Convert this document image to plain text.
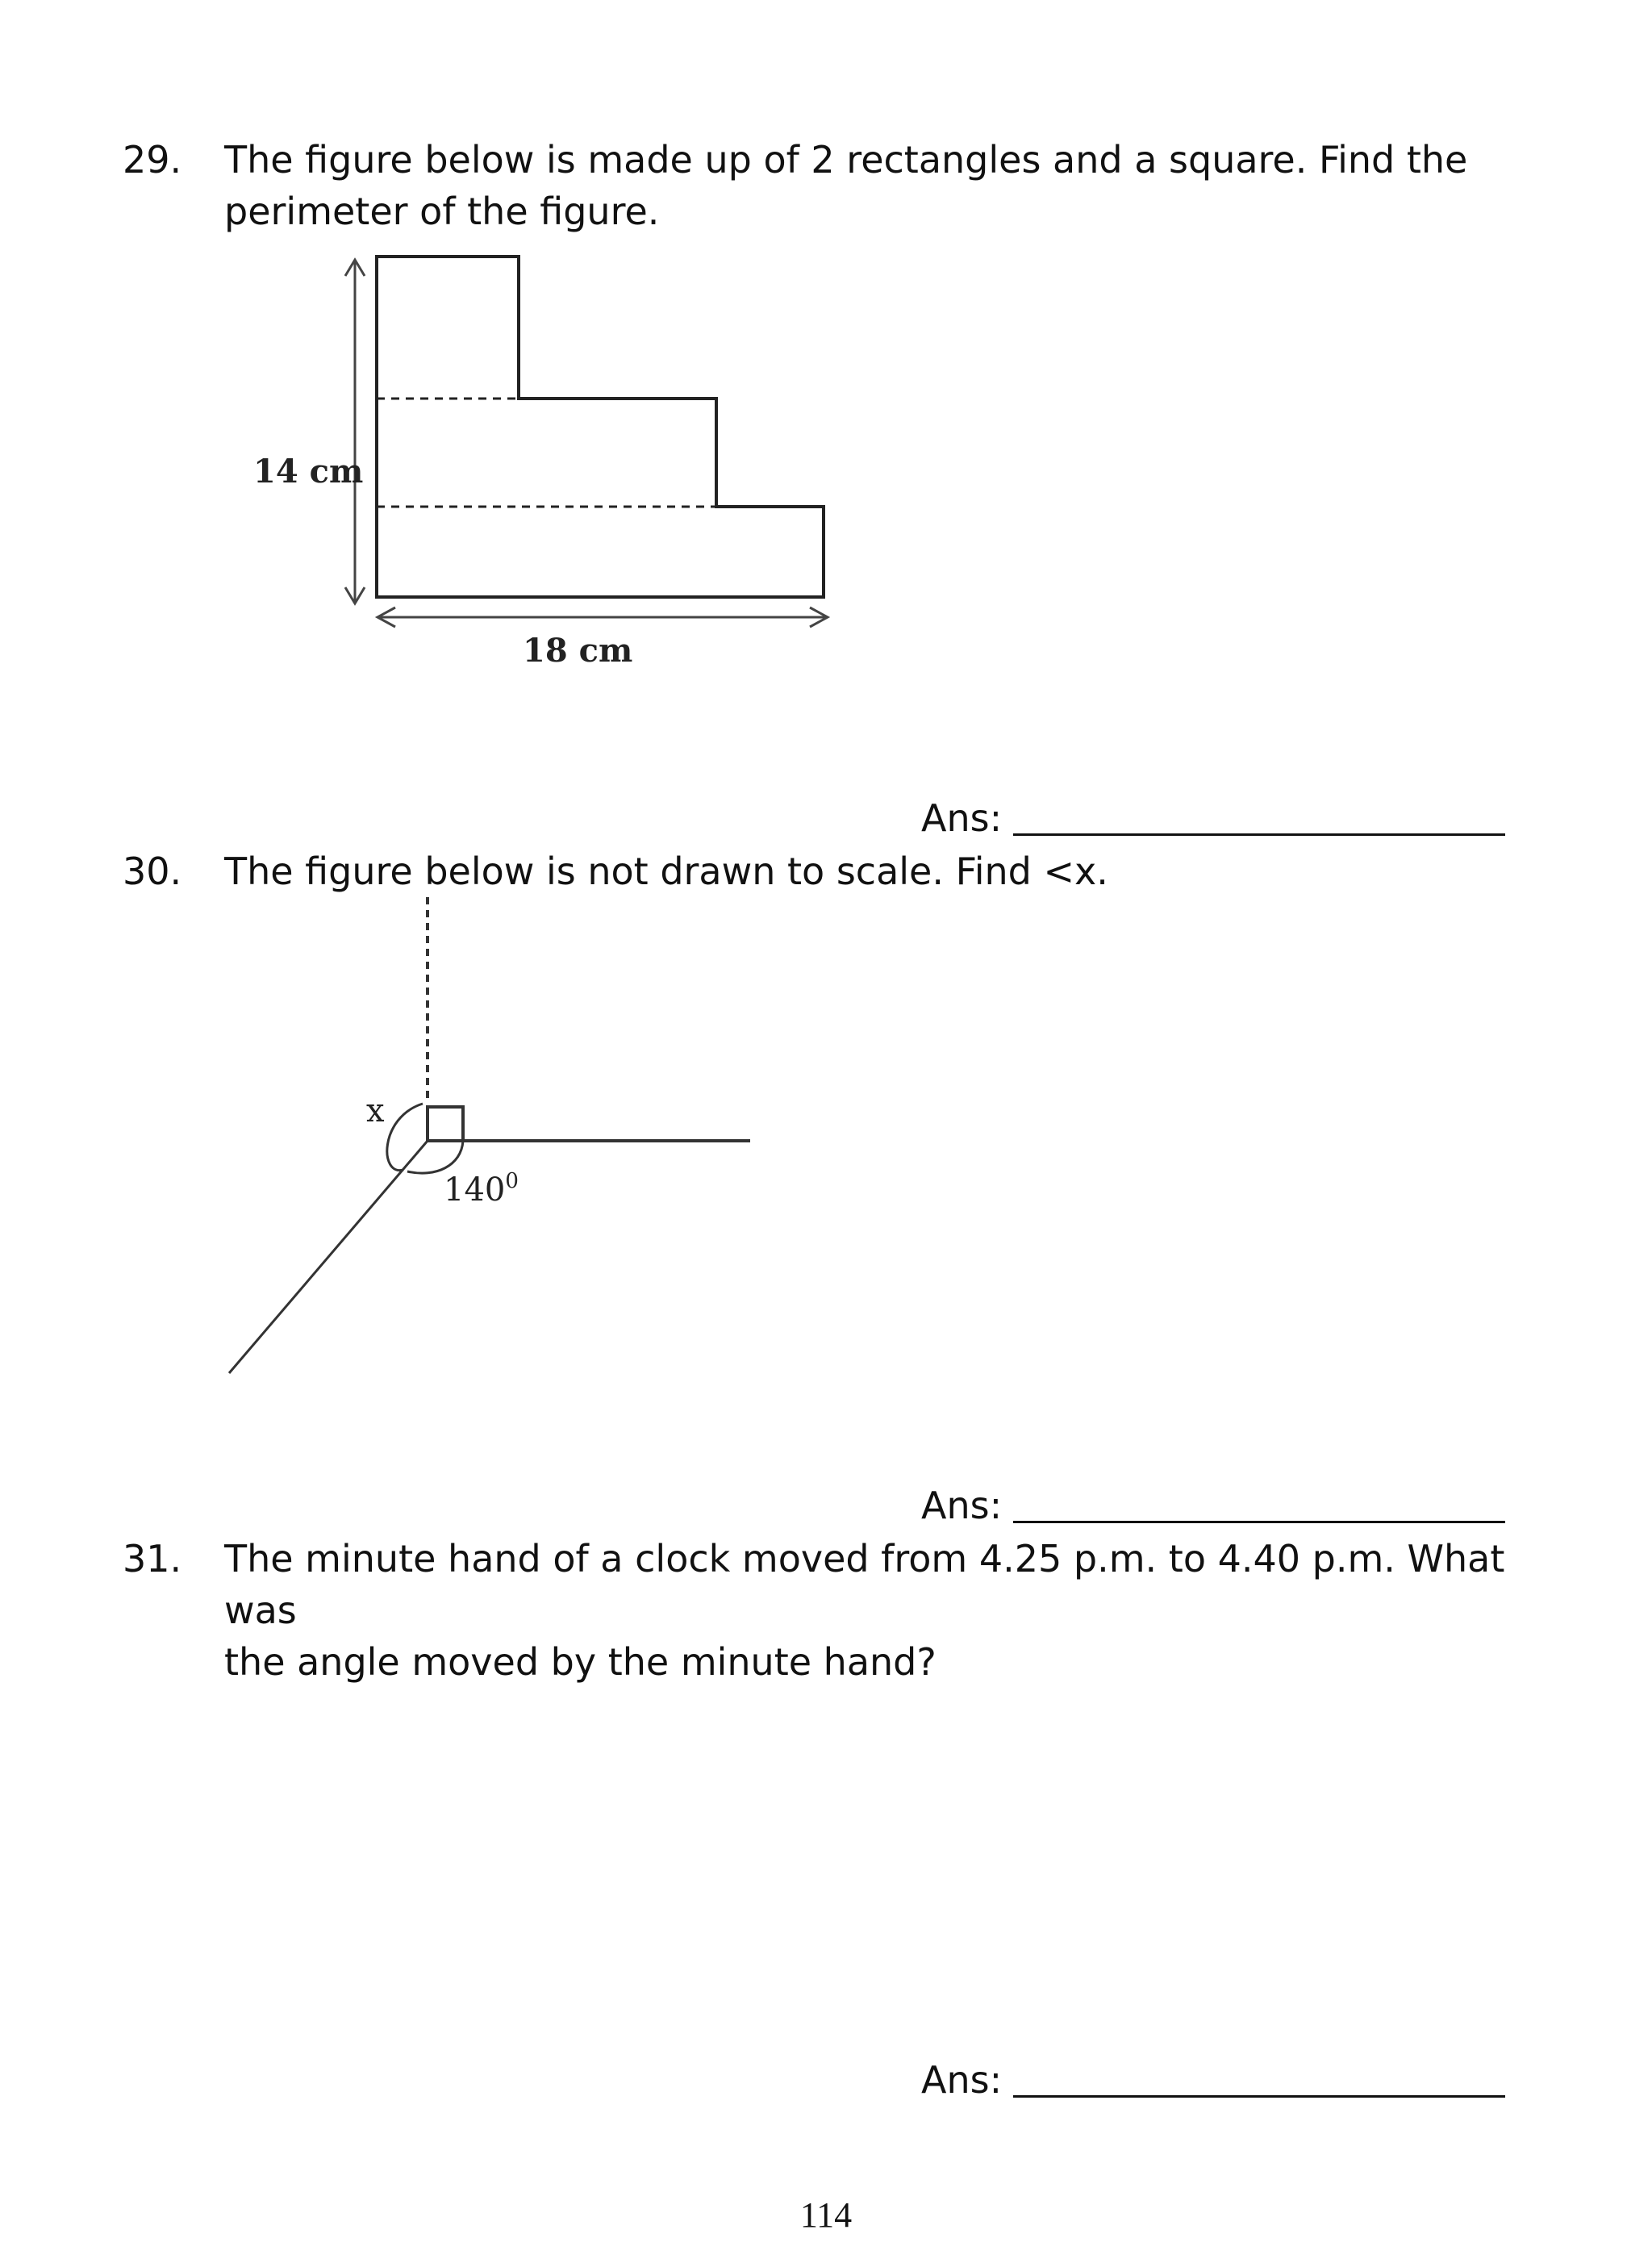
29. The figure below is made up of 2 rectangles and a square. Find the
perimeter of the figure.
14 cm
18 cm
Ans:
30. The figure below is not drawn to scale. Find <x.
x
$140^0$
Ans:
31. The minute hand of a clock moved from 4.25 p.m. to 4.40 p.m. What was
the angle moved by the minute hand?
Ans:
114
